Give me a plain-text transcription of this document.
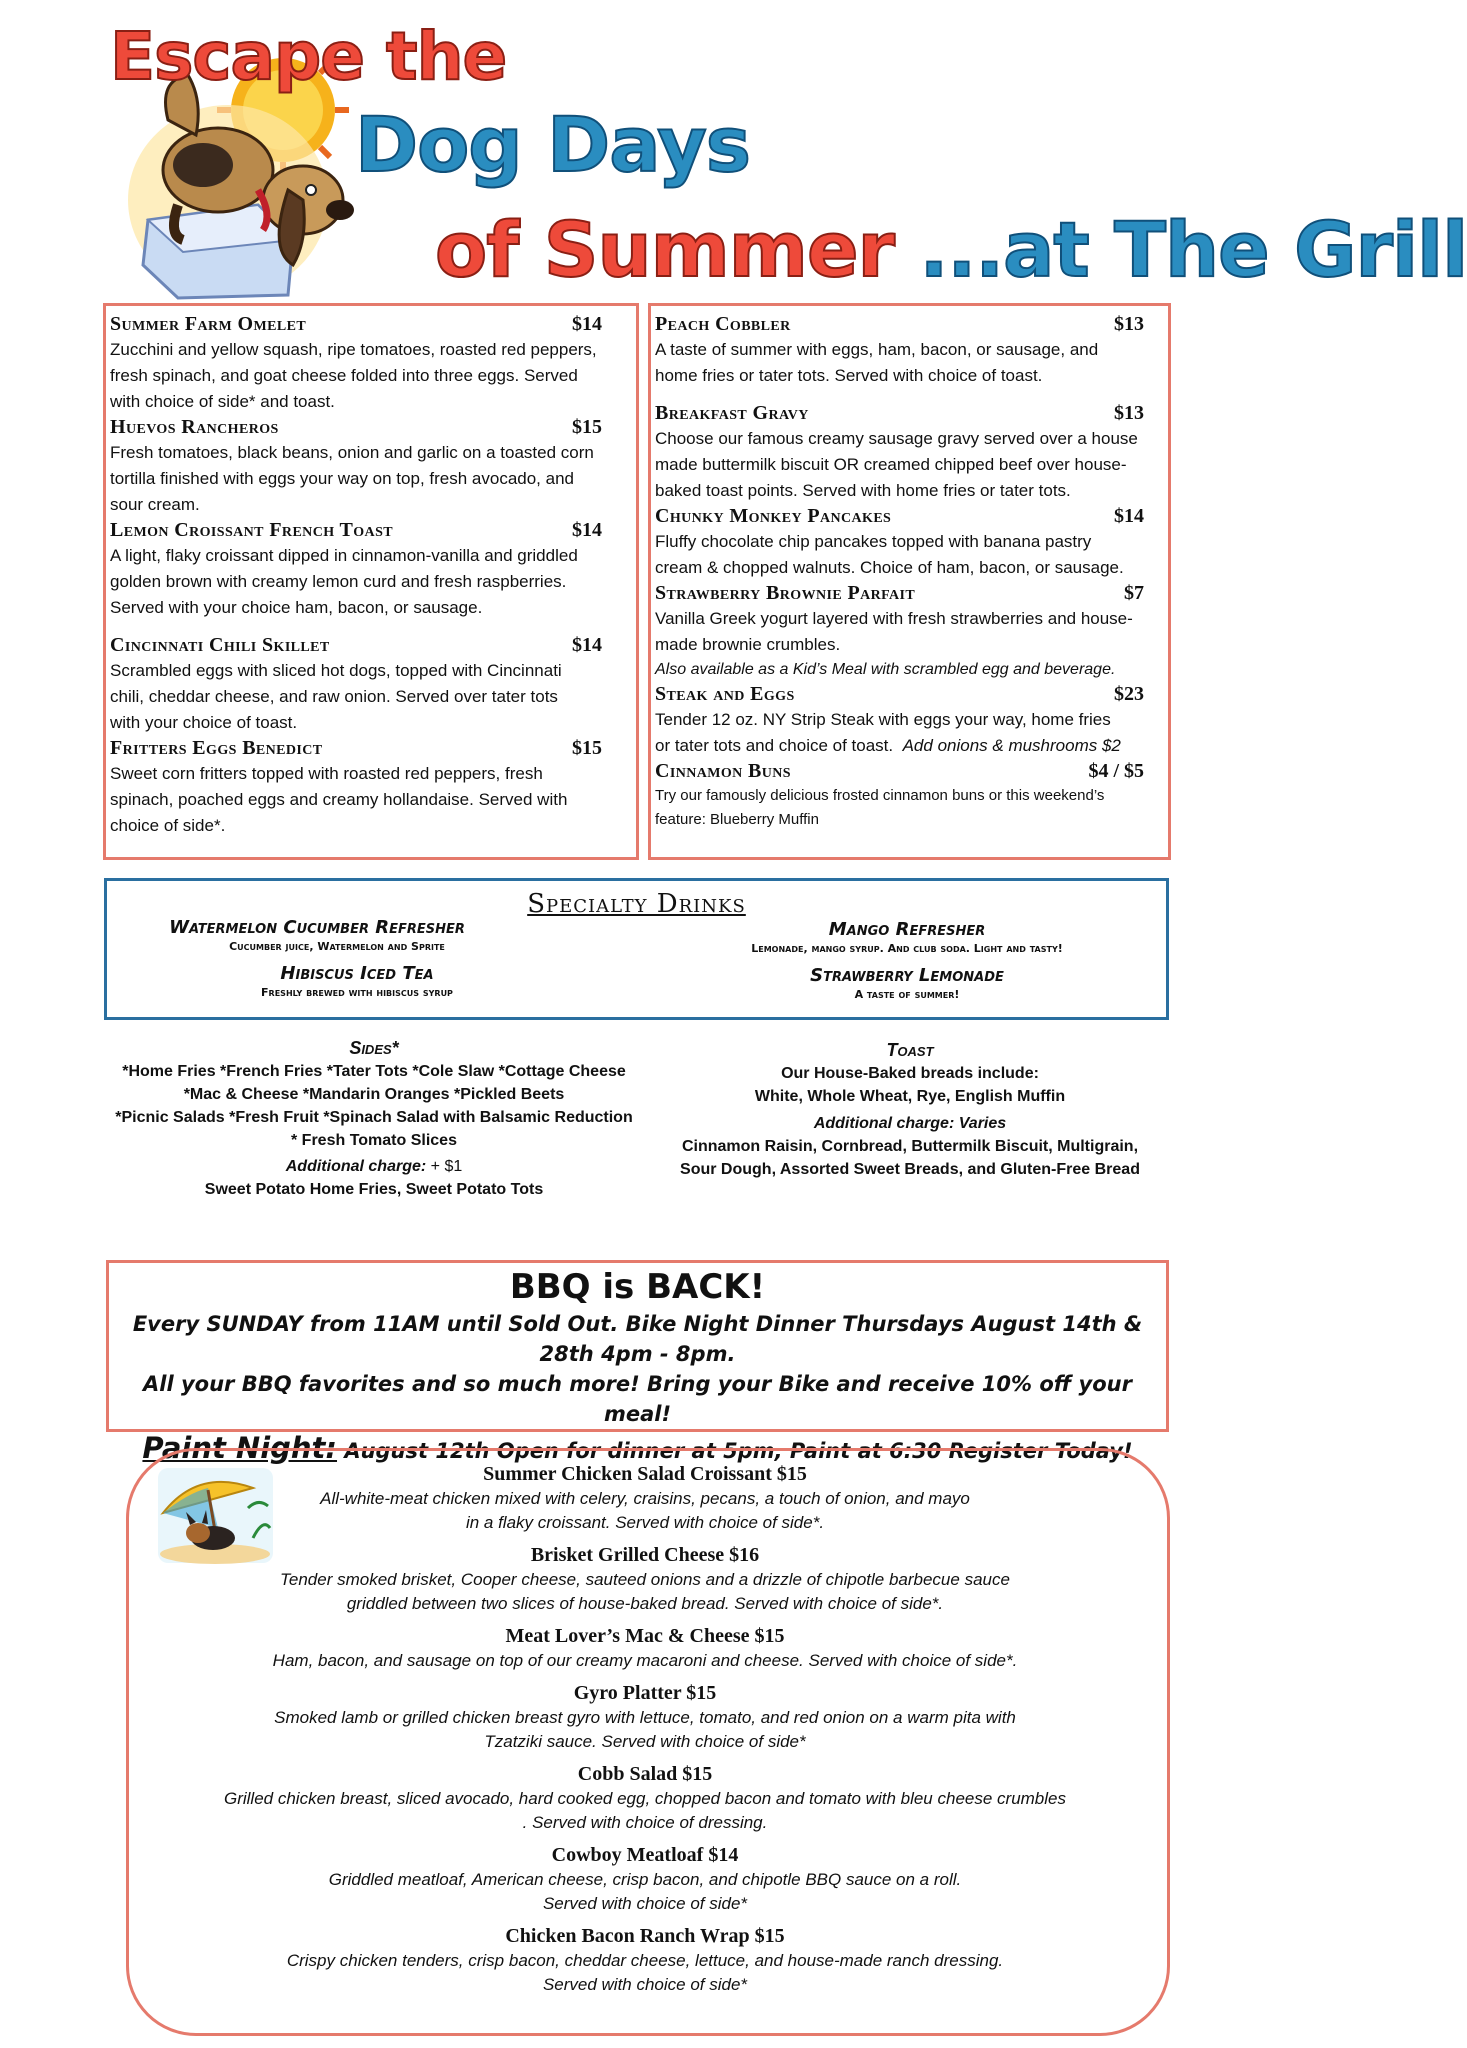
Escape the
Dog Days
of Summer ...at The Grill
Summer Farm Omelet	$14
Zucchini and yellow squash, ripe tomatoes, roasted red peppers,
fresh spinach, and goat cheese folded into three eggs. Served
with choice of side* and toast.
Huevos Rancheros	$15
Fresh tomatoes, black beans, onion and garlic on a toasted corn
tortilla finished with eggs your way on top, fresh avocado, and
sour cream.
Lemon Croissant French Toast	$14
A light, flaky croissant dipped in cinnamon-vanilla and griddled
golden brown with creamy lemon curd and fresh raspberries.
Served with your choice ham, bacon, or sausage.
Cincinnati Chili Skillet	$14
Scrambled eggs with sliced hot dogs, topped with Cincinnati
chili, cheddar cheese, and raw onion. Served over tater tots
with your choice of toast.
Fritters Eggs Benedict	$15
Sweet corn fritters topped with roasted red peppers, fresh
spinach, poached eggs and creamy hollandaise. Served with
choice of side*.
Peach Cobbler	$13
A taste of summer with eggs, ham, bacon, or sausage, and
home fries or tater tots. Served with choice of toast.
Breakfast Gravy	$13
Choose our famous creamy sausage gravy served over a house
made buttermilk biscuit OR creamed chipped beef over house-
baked toast points. Served with home fries or tater tots.
Chunky Monkey Pancakes	$14
Fluffy chocolate chip pancakes topped with banana pastry
cream & chopped walnuts. Choice of ham, bacon, or sausage.
Strawberry Brownie Parfait	$7
Vanilla Greek yogurt layered with fresh strawberries and house-
made brownie crumbles.
Also available as a Kid’s Meal with scrambled egg and beverage.
Steak and Eggs	$23
Tender 12 oz. NY Strip Steak with eggs your way, home fries
or tater tots and choice of toast. Add onions & mushrooms $2
Cinnamon Buns	$4 / $5
Try our famously delicious frosted cinnamon buns or this weekend’s
feature: Blueberry Muffin
Specialty Drinks
Watermelon Cucumber Refresher
Cucumber juice, Watermelon and Sprite
Hibiscus Iced Tea
Freshly brewed with hibiscus syrup
Mango Refresher
Lemonade, mango syrup. And club soda. Light and tasty!
Strawberry Lemonade
A taste of summer!
Sides*
*Home Fries *French Fries *Tater Tots *Cole Slaw *Cottage Cheese
*Mac & Cheese *Mandarin Oranges *Pickled Beets
*Picnic Salads *Fresh Fruit *Spinach Salad with Balsamic Reduction
* Fresh Tomato Slices
Additional charge: + $1
Sweet Potato Home Fries, Sweet Potato Tots
Toast
Our House-Baked breads include:
White, Whole Wheat, Rye, English Muffin
Additional charge: Varies
Cinnamon Raisin, Cornbread, Buttermilk Biscuit, Multigrain,
Sour Dough, Assorted Sweet Breads, and Gluten-Free Bread
BBQ is BACK!
Every SUNDAY from 11AM until Sold Out. Bike Night Dinner Thursdays August 14th & 28th 4pm - 8pm.
All your BBQ favorites and so much more! Bring your Bike and receive 10% off your meal!
Paint Night: August 12th Open for dinner at 5pm, Paint at 6:30 Register Today!
Summer Chicken Salad Croissant $15
All-white-meat chicken mixed with celery, craisins, pecans, a touch of onion, and mayo
in a flaky croissant. Served with choice of side*.
Brisket Grilled Cheese $16
Tender smoked brisket, Cooper cheese, sauteed onions and a drizzle of chipotle barbecue sauce
griddled between two slices of house-baked bread. Served with choice of side*.
Meat Lover’s Mac & Cheese $15
Ham, bacon, and sausage on top of our creamy macaroni and cheese. Served with choice of side*.
Gyro Platter $15
Smoked lamb or grilled chicken breast gyro with lettuce, tomato, and red onion on a warm pita with
Tzatziki sauce. Served with choice of side*
Cobb Salad $15
Grilled chicken breast, sliced avocado, hard cooked egg, chopped bacon and tomato with bleu cheese crumbles
. Served with choice of dressing.
Cowboy Meatloaf $14
Griddled meatloaf, American cheese, crisp bacon, and chipotle BBQ sauce on a roll.
Served with choice of side*
Chicken Bacon Ranch Wrap $15
Crispy chicken tenders, crisp bacon, cheddar cheese, lettuce, and house-made ranch dressing.
Served with choice of side*
